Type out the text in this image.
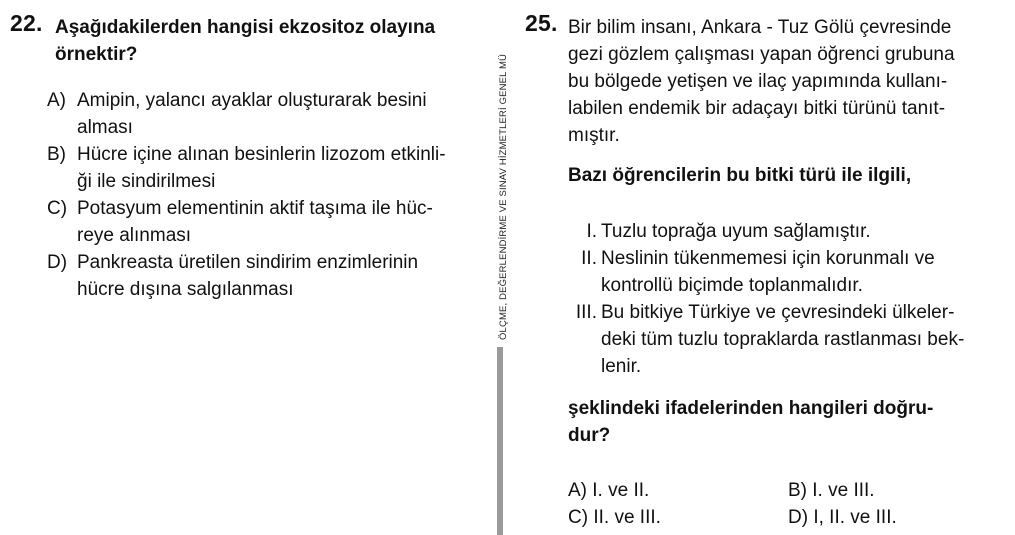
22. Aşağıdakilerden hangisi ekzositoz olayına
örnektir?
A) Amipin, yalancı ayaklar oluşturarak besini
alması
B) Hücre içine alınan besinlerin lizozom etkinli-
ği ile sindirilmesi
C) Potasyum elementinin aktif taşıma ile hüc-
reye alınması
D) Pankreasta üretilen sindirim enzimlerinin
hücre dışına salgılanması	ÖLÇME, DEĞERLENDİRME VE SINAV HİZMETLERİ GENEL MÜ
25. Bir bilim insanı, Ankara - Tuz Gölü çevresinde
gezi gözlem çalışması yapan öğrenci grubuna
bu bölgede yetişen ve ilaç yapımında kullanı-
labilen endemik bir adaçayı bitki türünü tanıt-
mıştır.
Bazı öğrencilerin bu bitki türü ile ilgili,
I. Tuzlu toprağa uyum sağlamıştır.
II. Neslinin tükenmemesi için korunmalı ve
kontrollü biçimde toplanmalıdır.
III. Bu bitkiye Türkiye ve çevresindeki ülkeler-
deki tüm tuzlu topraklarda rastlanması bek-
lenir.
şeklindeki ifadelerinden hangileri doğru-
dur?
A) I. ve II.	B) I. ve III.
C) II. ve III.	D) I, II. ve III.
